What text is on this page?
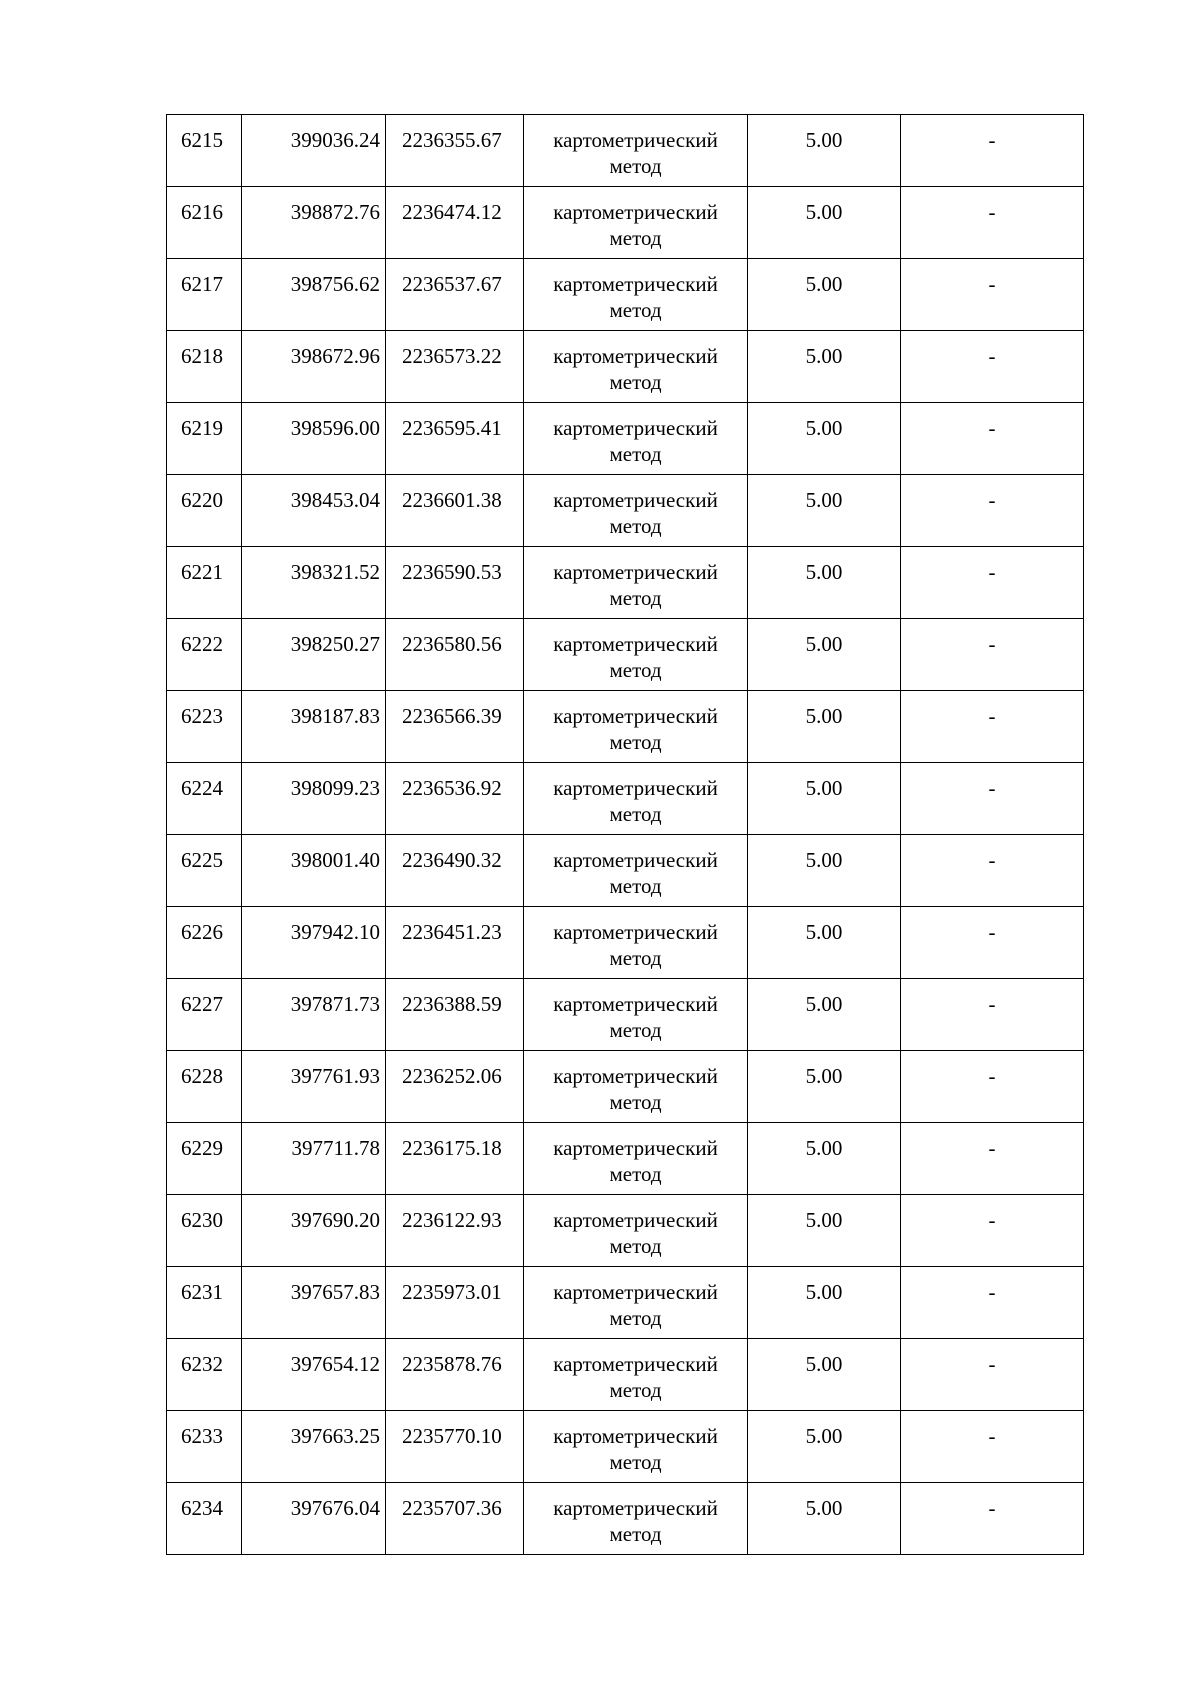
6215	399036.24	2236355.67	картометрический метод	5.00	-
6216	398872.76	2236474.12	картометрический метод	5.00	-
6217	398756.62	2236537.67	картометрический метод	5.00	-
6218	398672.96	2236573.22	картометрический метод	5.00	-
6219	398596.00	2236595.41	картометрический метод	5.00	-
6220	398453.04	2236601.38	картометрический метод	5.00	-
6221	398321.52	2236590.53	картометрический метод	5.00	-
6222	398250.27	2236580.56	картометрический метод	5.00	-
6223	398187.83	2236566.39	картометрический метод	5.00	-
6224	398099.23	2236536.92	картометрический метод	5.00	-
6225	398001.40	2236490.32	картометрический метод	5.00	-
6226	397942.10	2236451.23	картометрический метод	5.00	-
6227	397871.73	2236388.59	картометрический метод	5.00	-
6228	397761.93	2236252.06	картометрический метод	5.00	-
6229	397711.78	2236175.18	картометрический метод	5.00	-
6230	397690.20	2236122.93	картометрический метод	5.00	-
6231	397657.83	2235973.01	картометрический метод	5.00	-
6232	397654.12	2235878.76	картометрический метод	5.00	-
6233	397663.25	2235770.10	картометрический метод	5.00	-
6234	397676.04	2235707.36	картометрический метод	5.00	-
